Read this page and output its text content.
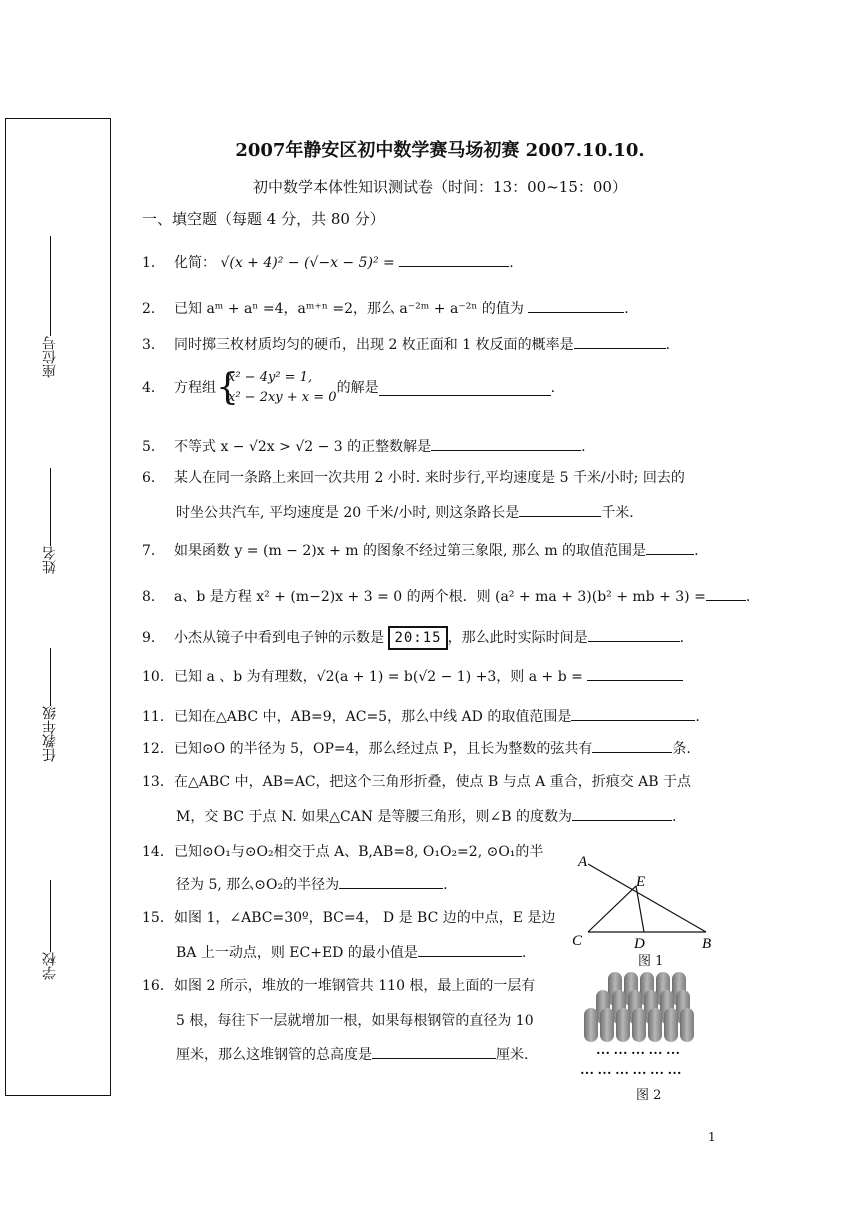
座位号
姓名
任教年级
学校
2007年静安区初中数学赛马场初赛 2007.10.10.
初中数学本体性知识测试卷（时间：13：00~15：00）
一、填空题（每题 4 分，共 80 分）
1． 化简： √(x + 4)² − (√−x − 5)² =	.
2． 已知 aᵐ + aⁿ =4，aᵐ⁺ⁿ =2，那么 a⁻²ᵐ + a⁻²ⁿ 的值为	.
3． 同时掷三枚材质均匀的硬币，出现 2 枚正面和 1 枚反面的概率是	.
4． 方程组 {
x² − 4y² = 1,
x² − 2xy + x = 0
的解是	.
5． 不等式 x − √2x > √2 − 3 的正整数解是	.
6． 某人在同一条路上来回一次共用 2 小时. 来时步行,平均速度是 5 千米/小时; 回去的
时坐公共汽车, 平均速度是 20 千米/小时, 则这条路长是	千米.
7． 如果函数 y = (m − 2)x + m 的图象不经过第三象限, 那么 m 的取值范围是	.
8． a、b 是方程 x² + (m−2)x + 3 = 0 的两个根．则 (a² + ma + 3)(b² + mb + 3) =	.
9． 小杰从镜子中看到电子钟的示数是 20:15 ，那么此时实际时间是	.
10．已知 a 、b 为有理数，√2(a + 1) = b(√2 − 1) +3，则 a + b =
11．已知在△ABC 中，AB=9，AC=5，那么中线 AD 的取值范围是	.
12．已知⊙O 的半径为 5，OP=4，那么经过点 P，且长为整数的弦共有	条.
13．在△ABC 中，AB=AC，把这个三角形折叠，使点 B 与点 A 重合，折痕交 AB 于点
M，交 BC 于点 N. 如果△CAN 是等腰三角形，则∠B 的度数为	.
14．已知⊙O₁与⊙O₂相交于点 A、B,AB=8, O₁O₂=2, ⊙O₁的半
径为 5, 那么⊙O₂的半径为	.
15．如图 1，∠ABC=30º，BC=4， D 是 BC 边的中点，E 是边
BA 上一动点，则 EC+ED 的最小值是	.
16．如图 2 所示，堆放的一堆钢管共 110 根，最上面的一层有
5 根，每往下一层就增加一根，如果每根钢管的直径为 10
厘米，那么这堆钢管的总高度是	厘米.
A
E
C	D	B
图 1
… … … … …
… … … … … …
图 2
1
